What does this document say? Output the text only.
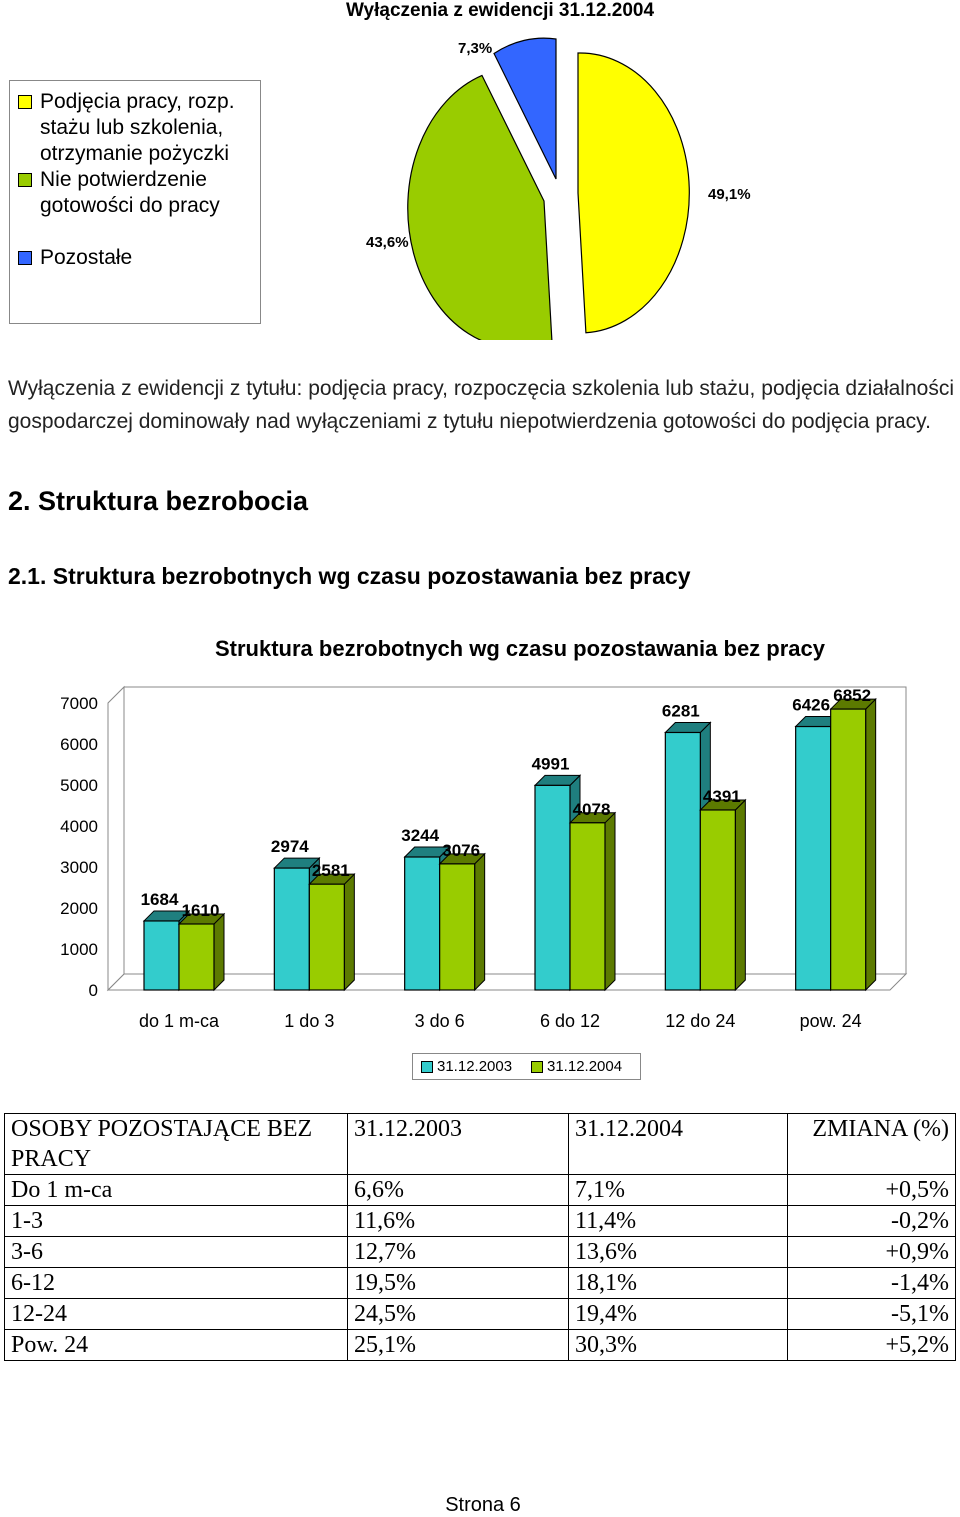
Wyłączenia z ewidencji 31.12.2004
Podjęcia pracy, rozp. stażu lub szkolenia, otrzymanie pożyczki
Nie potwierdzenie gotowości do pracy
Pozostałe
7,3%
49,1%
43,6%
Wyłączenia z ewidencji z tytułu: podjęcia pracy, rozpoczęcia szkolenia lub stażu, podjęcia działalności gospodarczej dominowały nad wyłączeniami z tytułu niepotwierdzenia gotowości do podjęcia pracy.
2. Struktura bezrobocia
2.1. Struktura bezrobotnych wg czasu pozostawania bez pracy
Struktura bezrobotnych wg czasu pozostawania bez pracy
0
1000
2000
3000
4000
5000
6000
7000
1684
1610
do 1 m-ca
2974
2581
1 do 3
3244
3076
3 do 6
4991
4078
6 do 12
6281
4391
12 do 24
6426 6852
pow. 24
31.12.2003 31.12.2004
OSOBY POZOSTAJĄCE BEZ PRACY	31.12.2003	31.12.2004	ZMIANA (%)
Do 1 m-ca	6,6%	7,1%	+0,5%
1-3	11,6%	11,4%	-0,2%
3-6	12,7%	13,6%	+0,9%
6-12	19,5%	18,1%	-1,4%
12-24	24,5%	19,4%	-5,1%
Pow. 24	25,1%	30,3%	+5,2%
Strona 6
